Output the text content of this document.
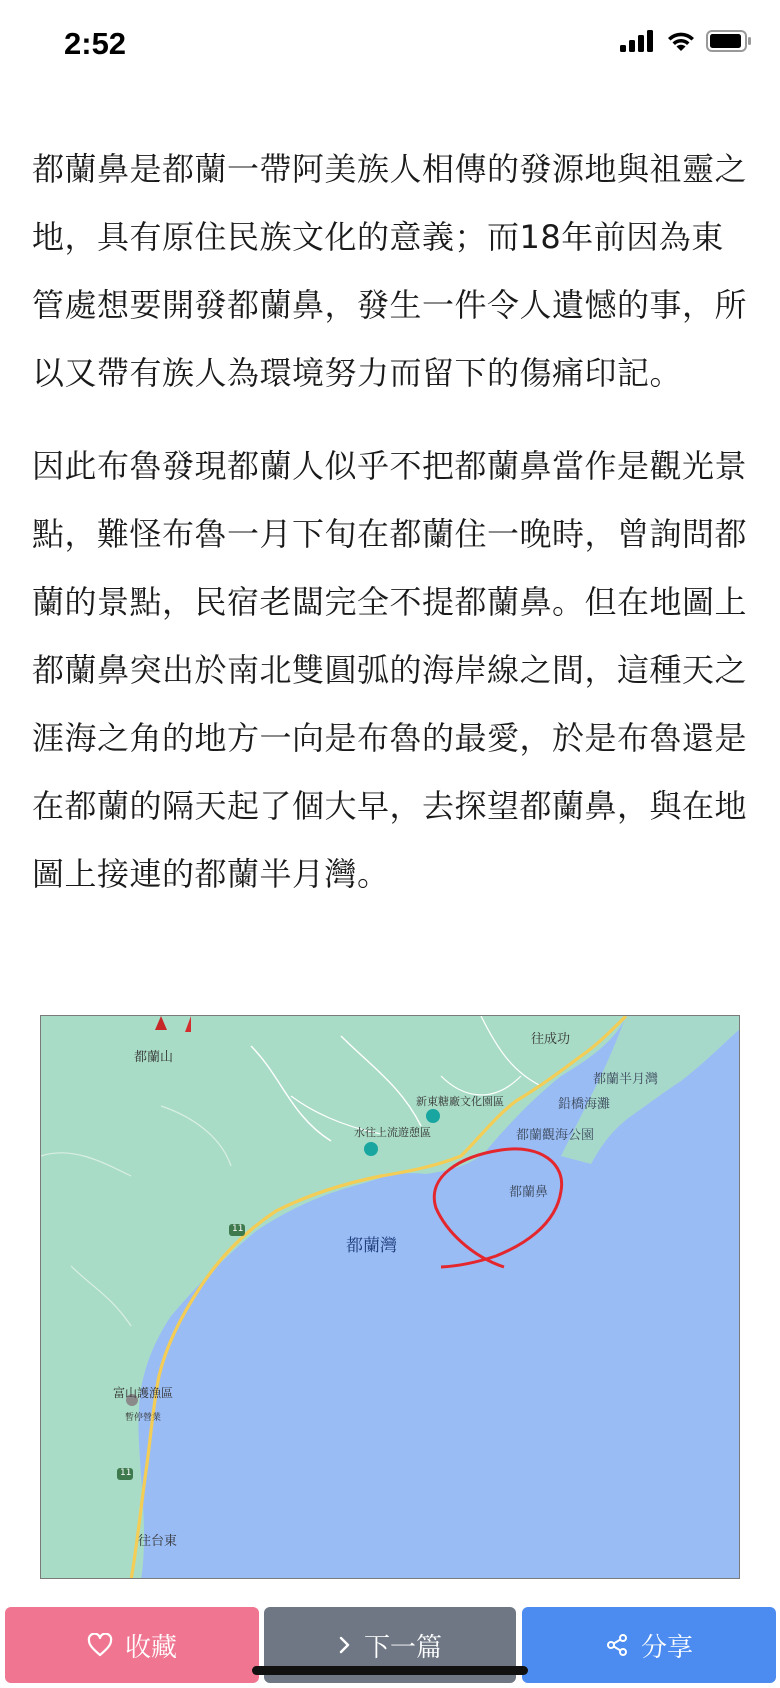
2:52

都蘭鼻是都蘭一帶阿美族人相傳的發源地與祖靈之地，具有原住民族文化的意義；而18年前因為東管處想要開發都蘭鼻，發生一件令人遺憾的事，所以又帶有族人為環境努力而留下的傷痛印記。

因此布魯發現都蘭人似乎不把都蘭鼻當作是觀光景點，難怪布魯一月下旬在都蘭住一晚時，曾詢問都蘭的景點，民宿老闆完全不提都蘭鼻。但在地圖上都蘭鼻突出於南北雙圓弧的海岸線之間，這種天之涯海之角的地方一向是布魯的最愛，於是布魯還是在都蘭的隔天起了個大早，去探望都蘭鼻，與在地圖上接連的都蘭半月灣。

都蘭山
往成功
都蘭半月灣
新東糖廠文化園區	鉛橋海灘
都蘭觀海公園
水往上流遊憩區
都蘭鼻
都蘭灣
11
富山護漁區
暫停營業
11
往台東
收藏	下一篇	分享
